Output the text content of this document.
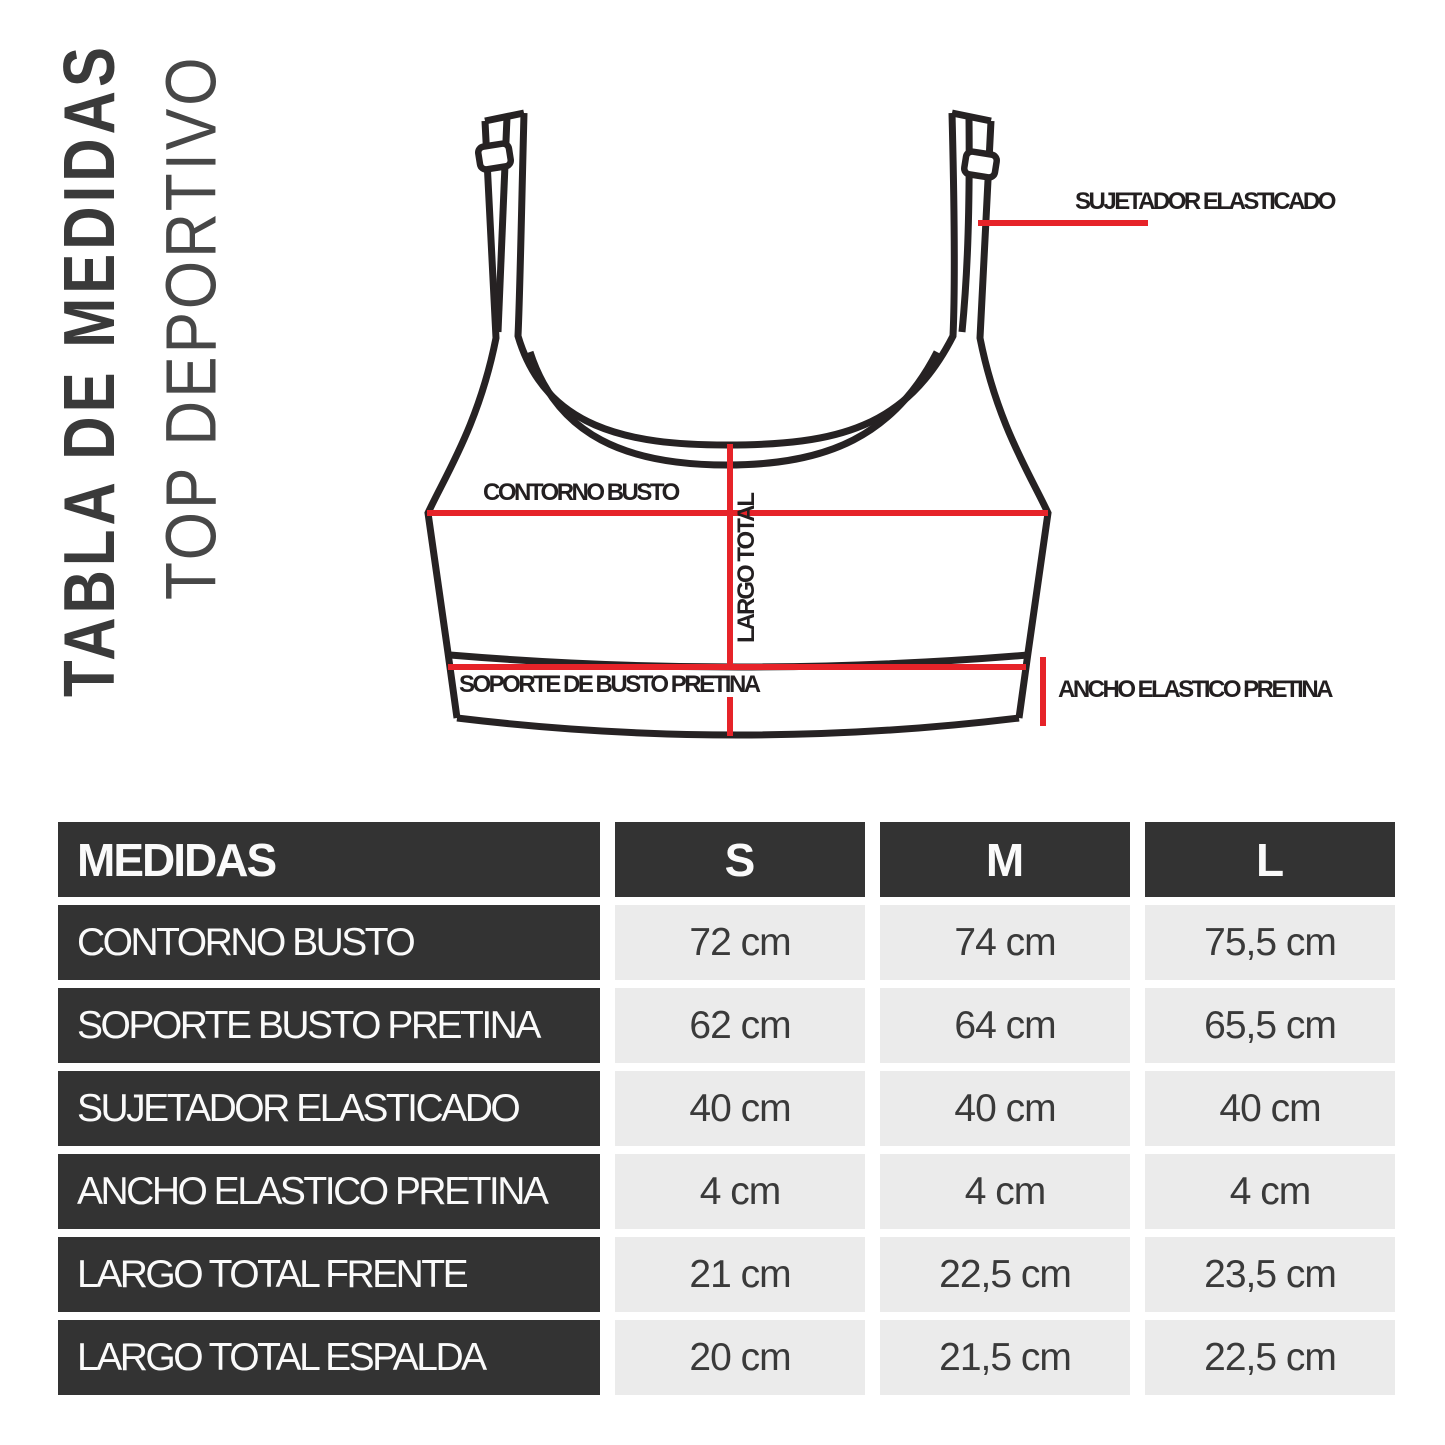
TABLA DE MEDIDAS TOP DEPORTIVO	SUJETADOR ELASTICADO
CONTORNO BUSTO
LARGO TOTAL
SOPORTE DE BUSTO PRETINA	ANCHO ELASTICO PRETINA
MEDIDAS	S	M	L
CONTORNO BUSTO	72 cm	74 cm	75,5 cm
SOPORTE BUSTO PRETINA	62 cm	64 cm	65,5 cm
SUJETADOR ELASTICADO	40 cm	40 cm	40 cm
ANCHO ELASTICO PRETINA	4 cm	4 cm	4 cm
LARGO TOTAL FRENTE	21 cm	22,5 cm	23,5 cm
LARGO TOTAL ESPALDA	20 cm	21,5 cm	22,5 cm
